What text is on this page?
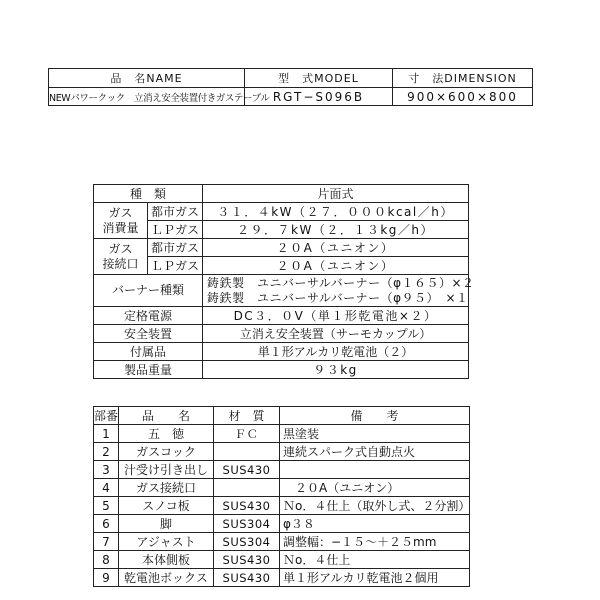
品　名NAME	型　式MODEL	寸　法DIMENSION
NEWパワークック　立消え安全装置付きガステーブル	RGT−S096B	900×600×800
種　類		片面式
ガス
消費量	都市ガス	３１．４kW（２７．０００kcal／h）
	ＬＰガス	２９．７kW（２．１３kg／h）
ガス
接続口	都市ガス	２０A（ユニオン）
	ＬＰガス	２０A（ユニオン）
バーナー種類		鋳鉄製　ユニバーサルバーナー（φ１６５）×２
鋳鉄製　ユニバーサルバーナー（φ９５）　×１

定格電源		DC３．０V（単１形乾電池×２）
安全装置		立消え安全装置（サーモカップル）
付属品		単１形アルカリ乾電池（２）
製品重量		９３kg
部番	品　　名	材　質	備　　考
1	五　徳	ＦＣ	黒塗装
2	ガスコック		連続スパーク式自動点火
3	汁受け引き出し	SUS430	
4	ガス接続口		　２０A（ユニオン）
5	スノコ板	SUS430	Ｎo．４仕上（取外し式、２分割）
6	脚	SUS304	φ３８
7	アジャスト	SUS304	調整幅：−１５〜＋２５mm
8	本体側板	SUS430	Ｎo．４仕上
9	乾電池ボックス	SUS430	単１形アルカリ乾電池２個用
